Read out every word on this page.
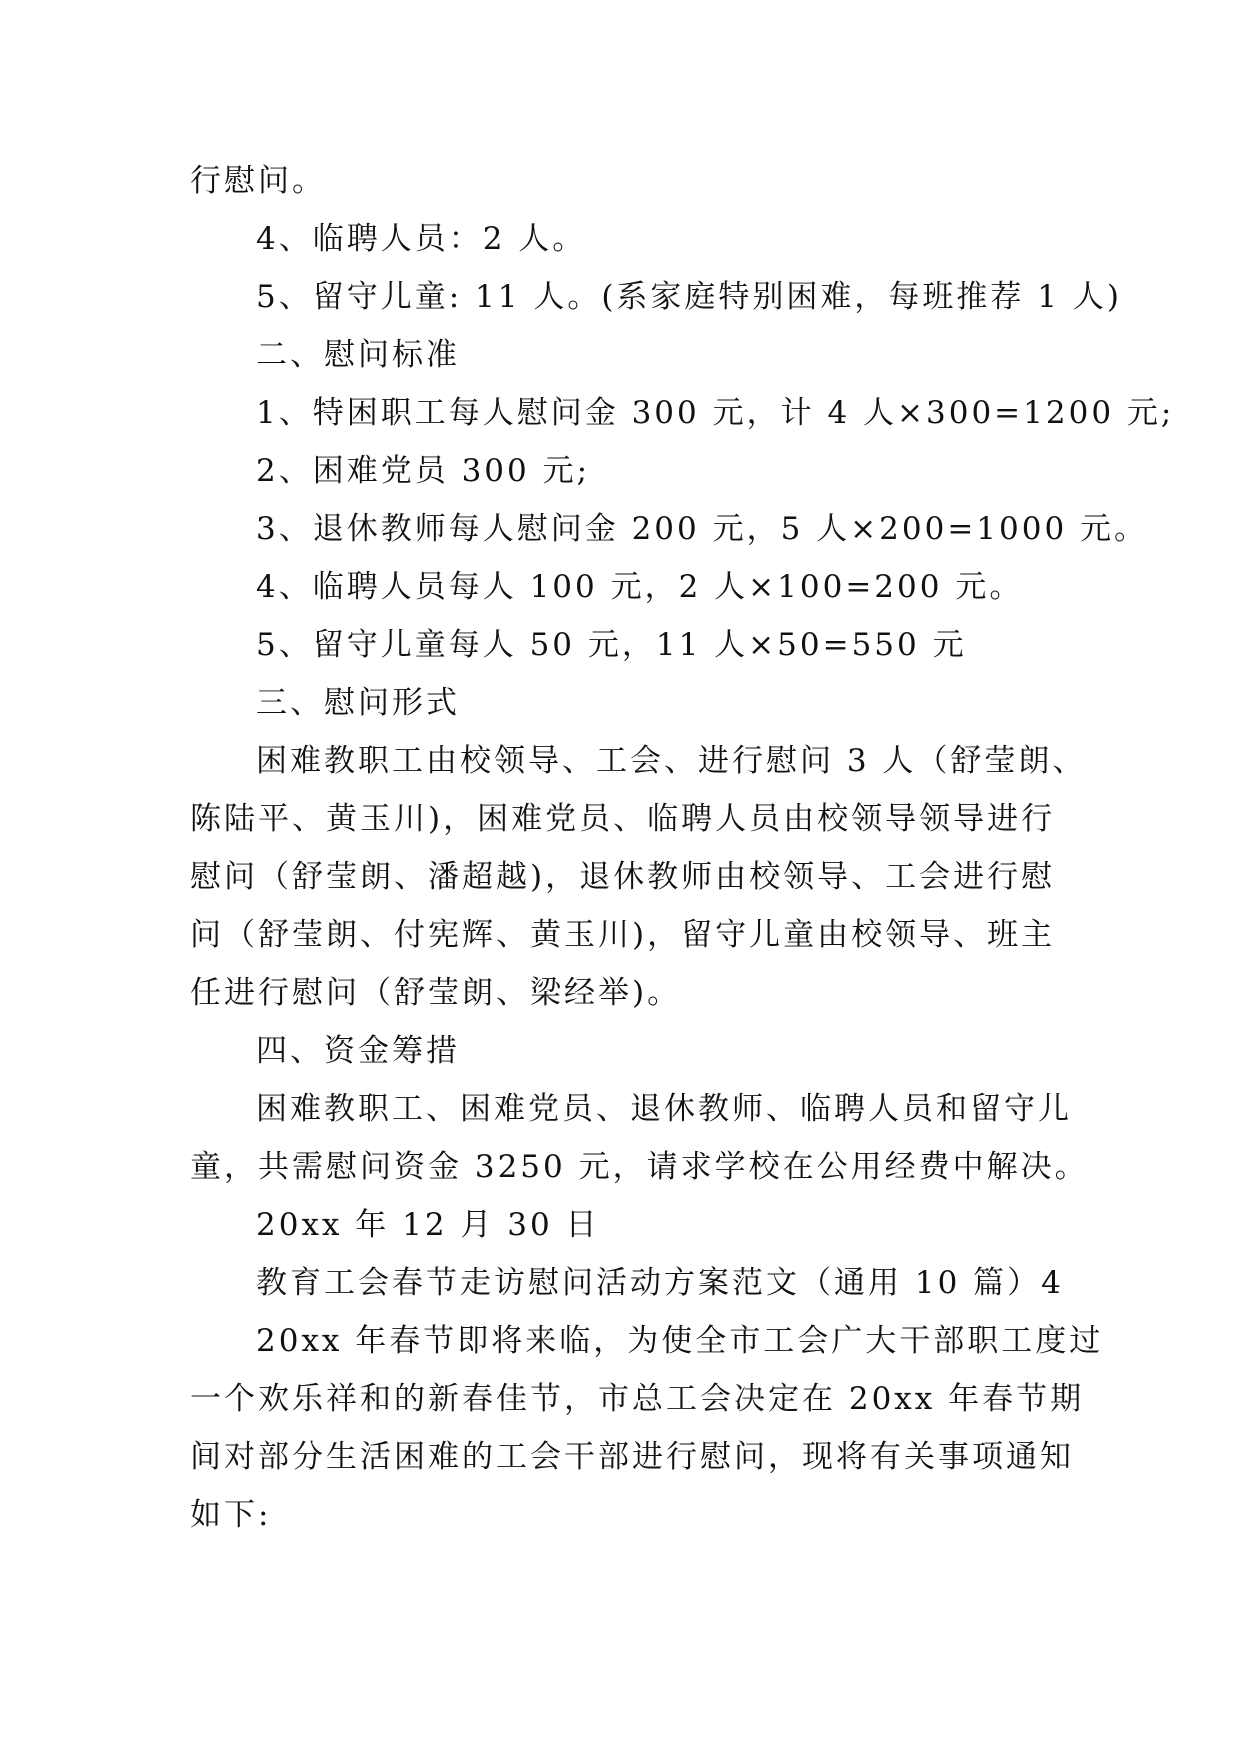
行慰问。
4、临聘人员：2 人。
5、留守儿童: 11 人。(系家庭特别困难，每班推荐 1 人)
二、慰问标准
1、特困职工每人慰问金 300 元，计 4 人×300=1200 元;
2、困难党员 300 元;
3、退休教师每人慰问金 200 元，5 人×200=1000 元。
4、临聘人员每人 100 元，2 人×100=200 元。
5、留守儿童每人 50 元，11 人×50=550 元
三、慰问形式
困难教职工由校领导、工会、进行慰问 3 人（舒莹朗、
陈陆平、黄玉川)，困难党员、临聘人员由校领导领导进行
慰问（舒莹朗、潘超越)，退休教师由校领导、工会进行慰
问（舒莹朗、付宪辉、黄玉川)，留守儿童由校领导、班主
任进行慰问（舒莹朗、梁经举)。
四、资金筹措
困难教职工、困难党员、退休教师、临聘人员和留守儿
童，共需慰问资金 3250 元，请求学校在公用经费中解决。
20xx 年 12 月 30 日
教育工会春节走访慰问活动方案范文（通用 10 篇）4
20xx 年春节即将来临，为使全市工会广大干部职工度过
一个欢乐祥和的新春佳节，市总工会决定在 20xx 年春节期
间对部分生活困难的工会干部进行慰问，现将有关事项通知
如下:
